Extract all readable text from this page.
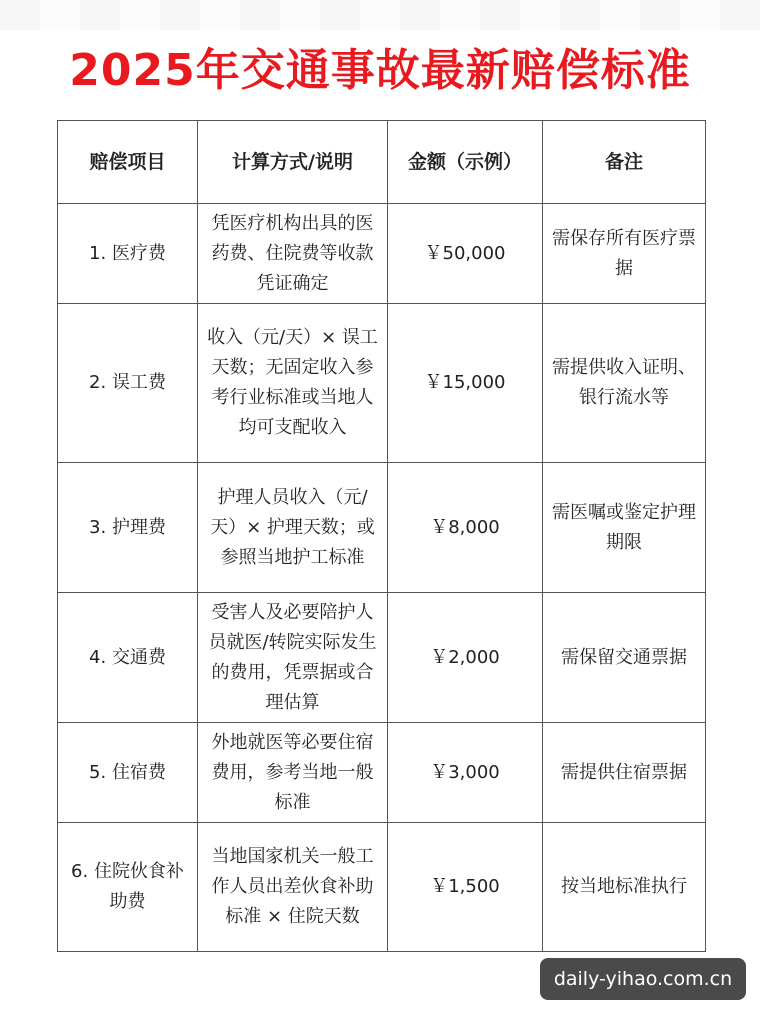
2025年交通事故最新赔偿标准
赔偿项目	计算方式/说明	金额（示例）	备注
1. 医疗费	凭医疗机构出具的医药费、住院费等收款凭证确定	￥50,000	需保存所有医疗票据
2. 误工费	收入（元/天）× 误工天数；无固定收入参考行业标准或当地人均可支配收入	￥15,000	需提供收入证明、银行流水等
3. 护理费	护理人员收入（元/天）× 护理天数；或参照当地护工标准	￥8,000	需医嘱或鉴定护理期限
4. 交通费	受害人及必要陪护人员就医/转院实际发生的费用，凭票据或合理估算	￥2,000	需保留交通票据
5. 住宿费	外地就医等必要住宿费用，参考当地一般标准	￥3,000	需提供住宿票据
6. 住院伙食补助费	当地国家机关一般工作人员出差伙食补助标准 × 住院天数	￥1,500	按当地标准执行
daily-yihao.com.cn
